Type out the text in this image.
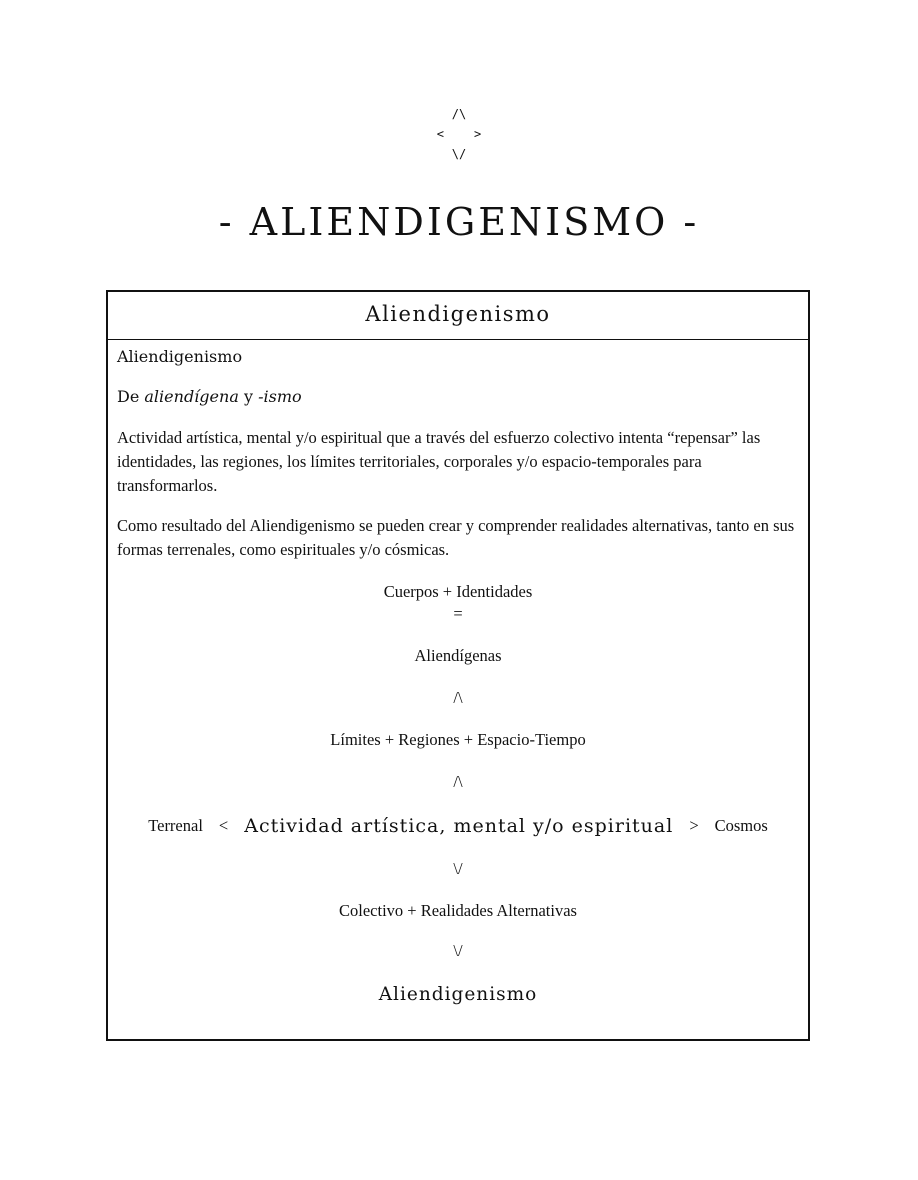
/\
<	>
\/
- ALIENDIGENISMO -
Aliendigenismo

Aliendigenismo

De aliendígena y -ismo

Actividad artística, mental y/o espiritual que a través del esfuerzo colectivo intenta “repensar” las identidades, las regiones, los límites territoriales, corporales y/o espacio-temporales para transformarlos.

Como resultado del Aliendigenismo se pueden crear y comprender realidades alternativas, tanto en sus formas terrenales, como espirituales y/o cósmicas.

Cuerpos + Identidades
=
Aliendígenas
/\
Límites + Regiones + Espacio-Tiempo
/\
Terrenal < Actividad artística, mental y/o espiritual > Cosmos
\/
Colectivo + Realidades Alternativas
\/
Aliendigenismo
